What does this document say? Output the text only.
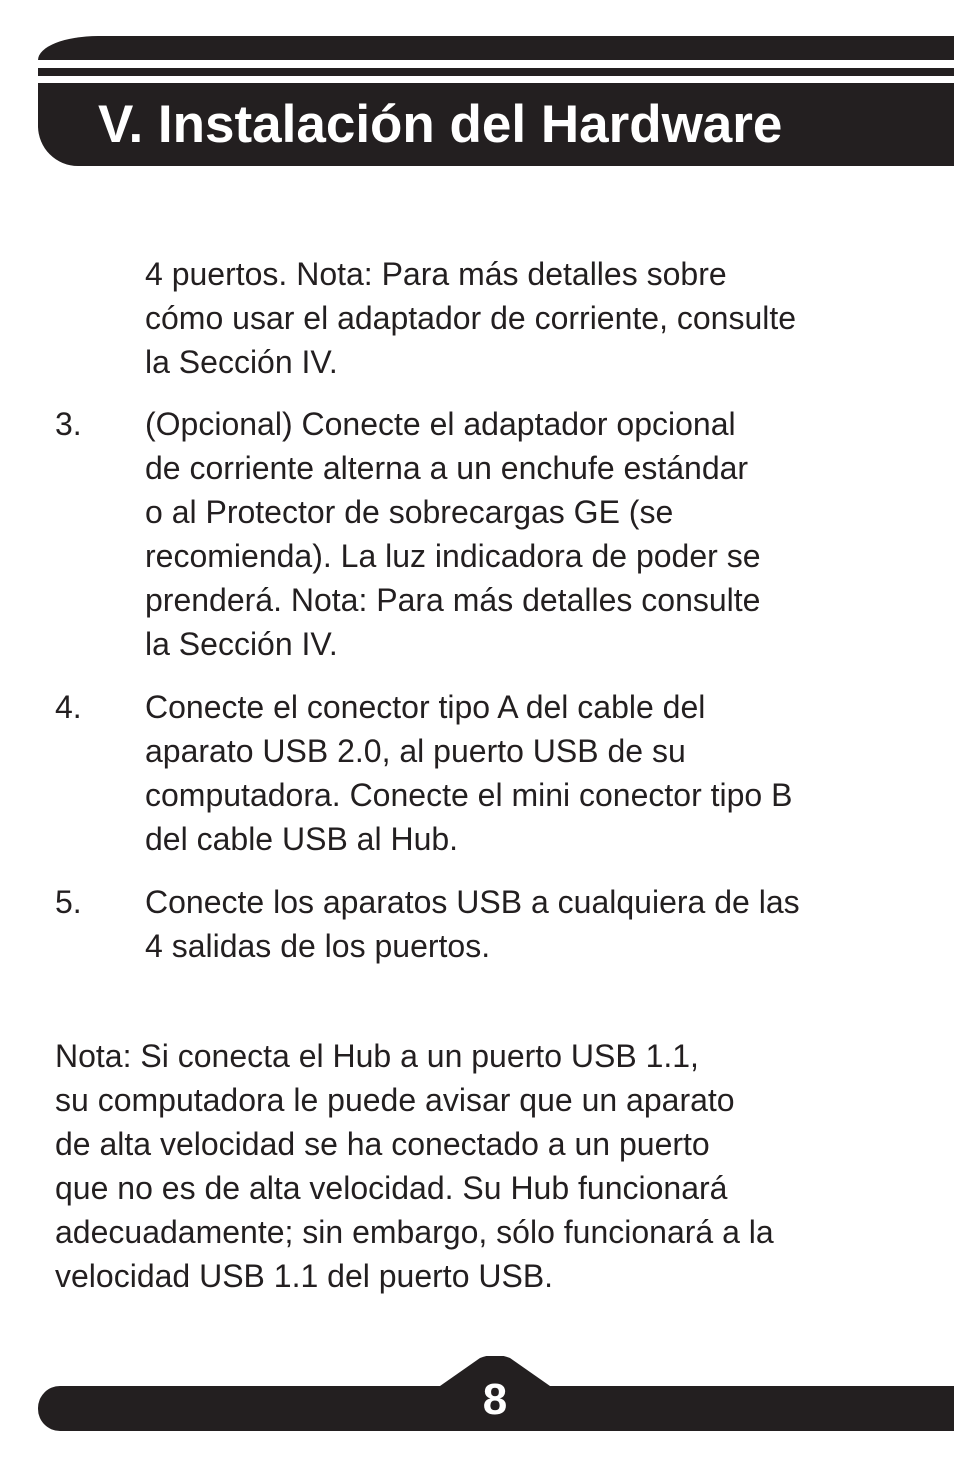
V. Instalación del Hardware
4 puertos. Nota: Para más detalles sobre
cómo usar el adaptador de corriente, consulte
la Sección IV.
3. (Opcional) Conecte el adaptador opcional
de corriente alterna a un enchufe estándar
o al Protector de sobrecargas GE (se
recomienda). La luz indicadora de poder se
prenderá. Nota: Para más detalles consulte
la Sección IV.
4. Conecte el conector tipo A del cable del
aparato USB 2.0, al puerto USB de su
computadora. Conecte el mini conector tipo B
del cable USB al Hub.
5. Conecte los aparatos USB a cualquiera de las
4 salidas de los puertos.
Nota: Si conecta el Hub a un puerto USB 1.1,
su computadora le puede avisar que un aparato
de alta velocidad se ha conectado a un puerto
que no es de alta velocidad. Su Hub funcionará
adecuadamente; sin embargo, sólo funcionará a la
velocidad USB 1.1 del puerto USB.
8
